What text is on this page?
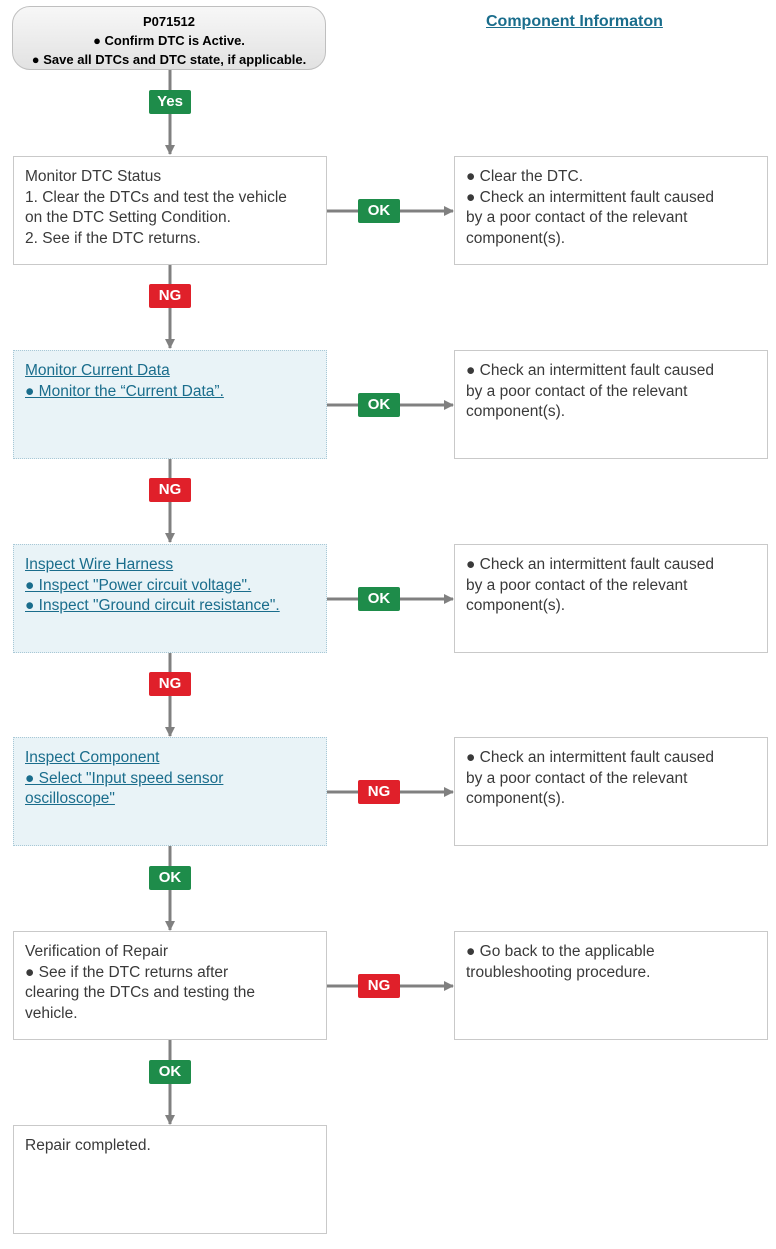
P071512
● Confirm DTC is Active.
● Save all DTCs and DTC state, if applicable.
Component Informaton
Yes
Monitor DTC Status
1. Clear the DTCs and test the vehicle
on the DTC Setting Condition.
2. See if the DTC returns.
OK
● Clear the DTC.
● Check an intermittent fault caused
by a poor contact of the relevant
component(s).
NG
Monitor Current Data
● Monitor the “Current Data”.
OK
● Check an intermittent fault caused
by a poor contact of the relevant
component(s).
NG
Inspect Wire Harness
● Inspect "Power circuit voltage".
● Inspect "Ground circuit resistance".	OK
● Check an intermittent fault caused
by a poor contact of the relevant
component(s).
NG
Inspect Component
● Select "Input speed sensor
oscilloscope"	NG
● Check an intermittent fault caused
by a poor contact of the relevant
component(s).
OK
Verification of Repair
● See if the DTC returns after
clearing the DTCs and testing the
vehicle.
NG
● Go back to the applicable
troubleshooting procedure.
OK
Repair completed.
